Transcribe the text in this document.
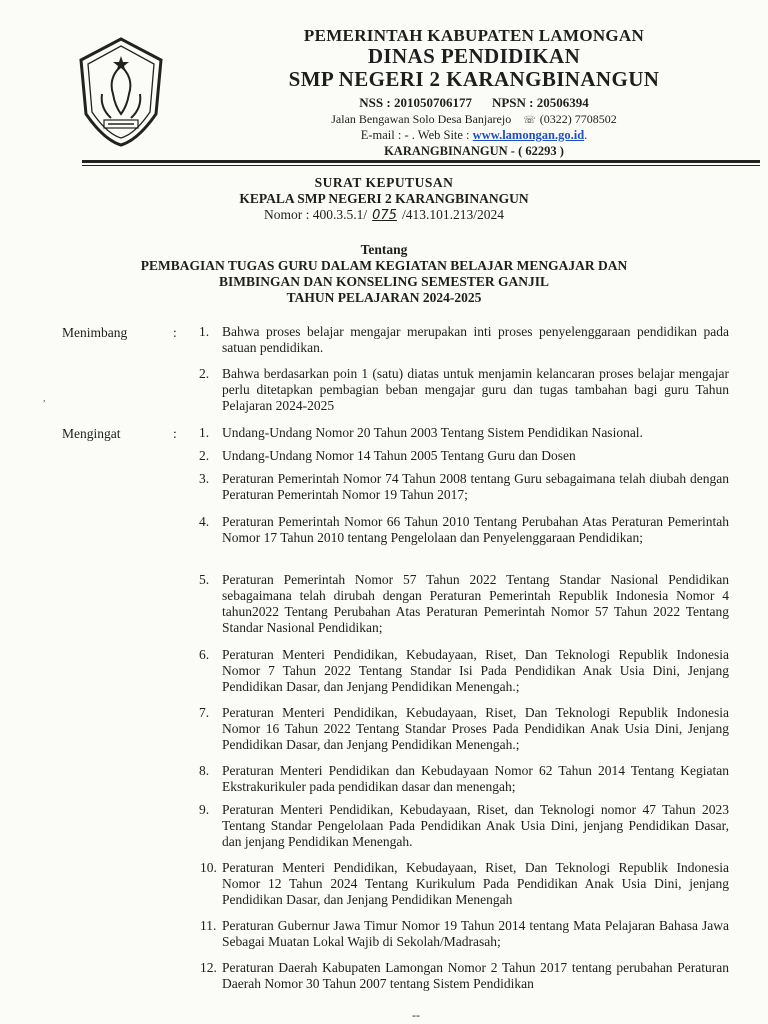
PEMERINTAH KABUPATEN LAMONGAN
DINAS PENDIDIKAN
SMP NEGERI 2 KARANGBINANGUN
NSS : 201050706177 NPSN : 20506394
Jalan Bengawan Solo Desa Banjarejo ☏ (0322) 7708502
E-mail : - . Web Site : www.lamongan.go.id.
KARANGBINANGUN - ( 62293 )
SURAT KEPUTUSAN
KEPALA SMP NEGERI 2 KARANGBINANGUN
Nomor : 400.3.5.1/ 075 /413.101.213/2024
Tentang
PEMBAGIAN TUGAS GURU DALAM KEGIATAN BELAJAR MENGAJAR DAN
BIMBINGAN DAN KONSELING SEMESTER GANJIL
TAHUN PELAJARAN 2024-2025
Menimbang	: 1. Bahwa proses belajar mengajar merupakan inti proses penyelenggaraan pendidikan pada satuan pendidikan.
2. Bahwa berdasarkan poin 1 (satu) diatas untuk menjamin kelancaran proses belajar mengajar perlu ditetapkan pembagian beban mengajar guru dan tugas tambahan bagi guru Tahun Pelajaran 2024-2025
,
Mengingat	: 1. Undang-Undang Nomor 20 Tahun 2003 Tentang Sistem Pendidikan Nasional.
2. Undang-Undang Nomor 14 Tahun 2005 Tentang Guru dan Dosen
3. Peraturan Pemerintah Nomor 74 Tahun 2008 tentang Guru sebagaimana telah diubah dengan Peraturan Pemerintah Nomor 19 Tahun 2017;
4. Peraturan Pemerintah Nomor 66 Tahun 2010 Tentang Perubahan Atas Peraturan Pemerintah Nomor 17 Tahun 2010 tentang Pengelolaan dan Penyelenggaraan Pendidikan;
5. Peraturan Pemerintah Nomor 57 Tahun 2022 Tentang Standar Nasional Pendidikan sebagaimana telah dirubah dengan Peraturan Pemerintah Republik Indonesia Nomor 4 tahun2022 Tentang Perubahan Atas Peraturan Pemerintah Nomor 57 Tahun 2022 Tentang Standar Nasional Pendidikan;
6. Peraturan Menteri Pendidikan, Kebudayaan, Riset, Dan Teknologi Republik Indonesia Nomor 7 Tahun 2022 Tentang Standar Isi Pada Pendidikan Anak Usia Dini, Jenjang Pendidikan Dasar, dan Jenjang Pendidikan Menengah.;
7. Peraturan Menteri Pendidikan, Kebudayaan, Riset, Dan Teknologi Republik Indonesia Nomor 16 Tahun 2022 Tentang Standar Proses Pada Pendidikan Anak Usia Dini, Jenjang Pendidikan Dasar, dan Jenjang Pendidikan Menengah.;
8. Peraturan Menteri Pendidikan dan Kebudayaan Nomor 62 Tahun 2014 Tentang Kegiatan Ekstrakurikuler pada pendidikan dasar dan menengah;
9. Peraturan Menteri Pendidikan, Kebudayaan, Riset, dan Teknologi nomor 47 Tahun 2023 Tentang Standar Pengelolaan Pada Pendidikan Anak Usia Dini, jenjang Pendidikan Dasar, dan jenjang Pendidikan Menengah.
10. Peraturan Menteri Pendidikan, Kebudayaan, Riset, Dan Teknologi Republik Indonesia Nomor 12 Tahun 2024 Tentang Kurikulum Pada Pendidikan Anak Usia Dini, jenjang Pendidikan Dasar, dan Jenjang Pendidikan Menengah
11. Peraturan Gubernur Jawa Timur Nomor 19 Tahun 2014 tentang Mata Pelajaran Bahasa Jawa Sebagai Muatan Lokal Wajib di Sekolah/Madrasah;
12. Peraturan Daerah Kabupaten Lamongan Nomor 2 Tahun 2017 tentang perubahan Peraturan Daerah Nomor 30 Tahun 2007 tentang Sistem Pendidikan
--
